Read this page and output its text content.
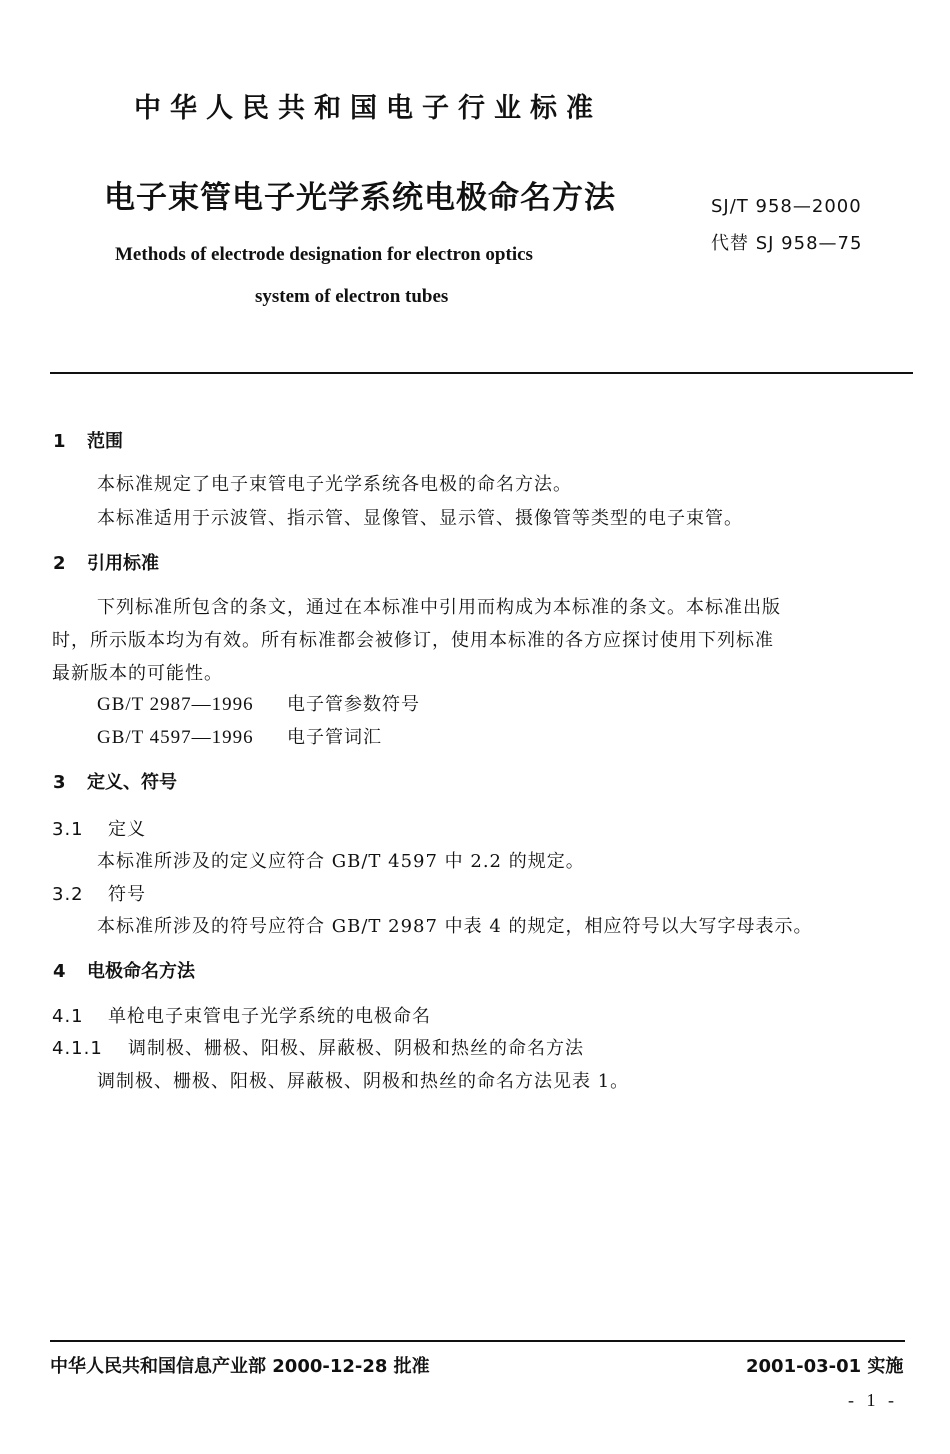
中华人民共和国电子行业标准
电子束管电子光学系统电极命名方法
Methods of electrode designation for electron optics
system of electron tubes
SJ/T 958—2000
代替 SJ 958—75
1 范围
本标准规定了电子束管电子光学系统各电极的命名方法。
本标准适用于示波管、指示管、显像管、显示管、摄像管等类型的电子束管。
2 引用标准
下列标准所包含的条文，通过在本标准中引用而构成为本标准的条文。本标准出版
时，所示版本均为有效。所有标准都会被修订，使用本标准的各方应探讨使用下列标准
最新版本的可能性。
GB/T 2987—1996 电子管参数符号
GB/T 4597—1996 电子管词汇
3 定义、符号
3.1 定义
本标准所涉及的定义应符合 GB/T 4597 中 2.2 的规定。
3.2 符号
本标准所涉及的符号应符合 GB/T 2987 中表 4 的规定，相应符号以大写字母表示。
4 电极命名方法
4.1 单枪电子束管电子光学系统的电极命名
4.1.1 调制极、栅极、阳极、屏蔽极、阴极和热丝的命名方法
调制极、栅极、阳极、屏蔽极、阴极和热丝的命名方法见表 1。
中华人民共和国信息产业部 2000-12-28 批准	2001-03-01 实施
- 1 -
